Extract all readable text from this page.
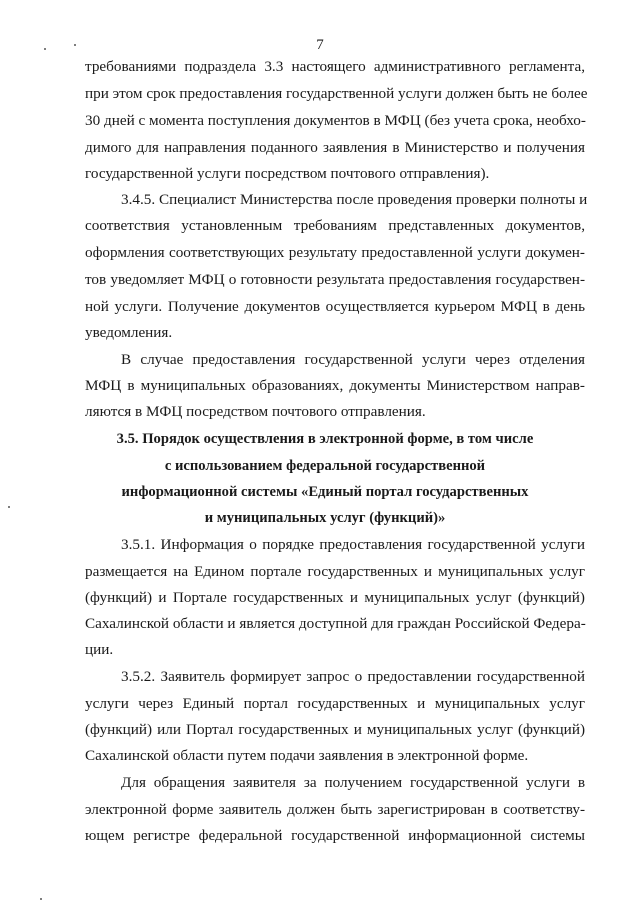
7
требованиями подраздела 3.3 настоящего административного регламента,
при этом срок предоставления государственной услуги должен быть не более
30 дней с момента поступления документов в МФЦ (без учета срока, необхо-
димого для направления поданного заявления в Министерство и получения
государственной услуги посредством почтового отправления).
3.4.5. Специалист Министерства после проведения проверки полноты и
соответствия установленным требованиям представленных документов,
оформления соответствующих результату предоставленной услуги докумен-
тов уведомляет МФЦ о готовности результата предоставления государствен-
ной услуги. Получение документов осуществляется курьером МФЦ в день
уведомления.
В случае предоставления государственной услуги через отделения
МФЦ в муниципальных образованиях, документы Министерством направ-
ляются в МФЦ посредством почтового отправления.
3.5. Порядок осуществления в электронной форме, в том числе
с использованием федеральной государственной
информационной системы «Единый портал государственных
и муниципальных услуг (функций)»
3.5.1. Информация о порядке предоставления государственной услуги
размещается на Едином портале государственных и муниципальных услуг
(функций) и Портале государственных и муниципальных услуг (функций)
Сахалинской области и является доступной для граждан Российской Федера-
ции.
3.5.2. Заявитель формирует запрос о предоставлении государственной
услуги через Единый портал государственных и муниципальных услуг
(функций) или Портал государственных и муниципальных услуг (функций)
Сахалинской области путем подачи заявления в электронной форме.
Для обращения заявителя за получением государственной услуги в
электронной форме заявитель должен быть зарегистрирован в соответству-
ющем регистре федеральной государственной информационной системы
